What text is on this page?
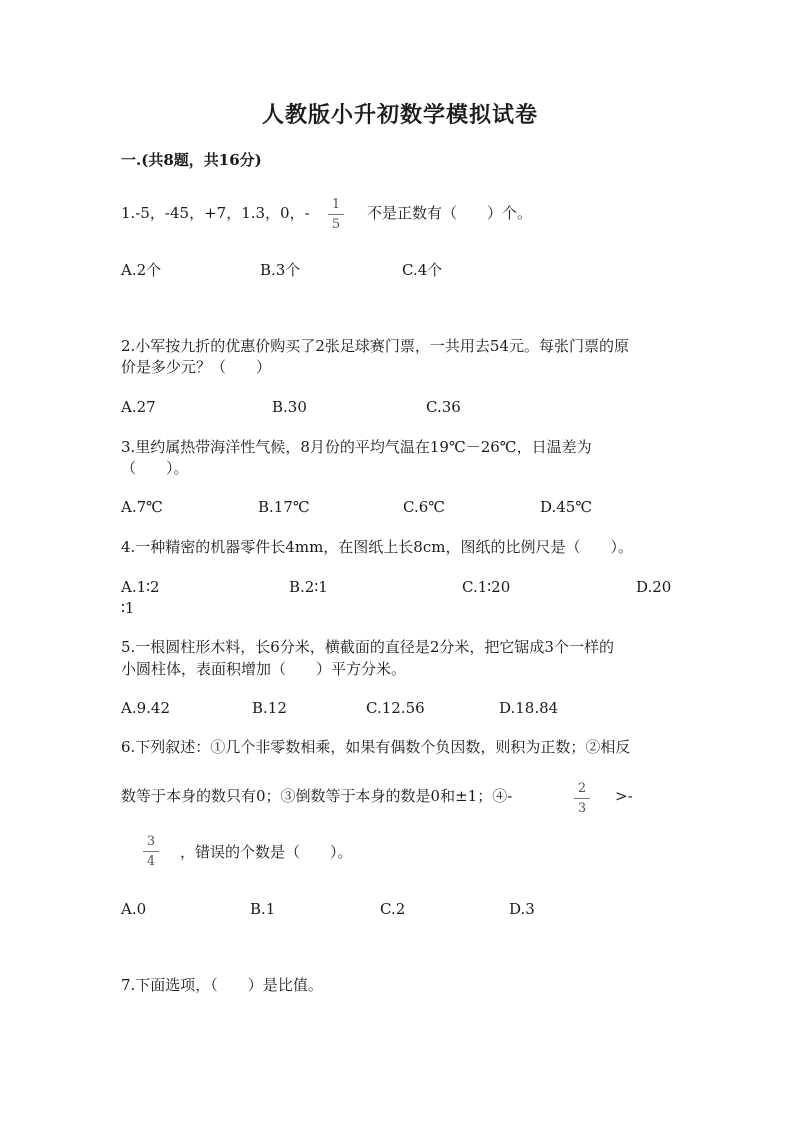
人教版小升初数学模拟试卷
一.(共8题，共16分)
1.-5，-45，+7，1.3，0，- 1
5
不是正数有（　　）个。
A.2个	B.3个	C.4个
2.小军按九折的优惠价购买了2张足球赛门票，一共用去54元。每张门票的原
价是多少元？（　　）
A.27	B.30	C.36
3.里约属热带海洋性气候，8月份的平均气温在19℃－26℃，日温差为
（　　）。
A.7℃	B.17℃	C.6℃	D.45℃
4.一种精密的机器零件长4mm，在图纸上长8cm，图纸的比例尺是（　　）。
A.1∶2	B.2∶1	C.1∶20	D.20
∶1
5.一根圆柱形木料，长6分米，横截面的直径是2分米，把它锯成3个一样的
小圆柱体，表面积增加（　　）平方分米。
A.9.42	B.12	C.12.56	D.18.84
6.下列叙述：①几个非零数相乘，如果有偶数个负因数，则积为正数；②相反
数等于本身的数只有0；③倒数等于本身的数是0和±1；④-	2
3
>-
3
4
，错误的个数是（　　）。
A.0	B.1	C.2	D.3
7.下面选项，（　　）是比值。
